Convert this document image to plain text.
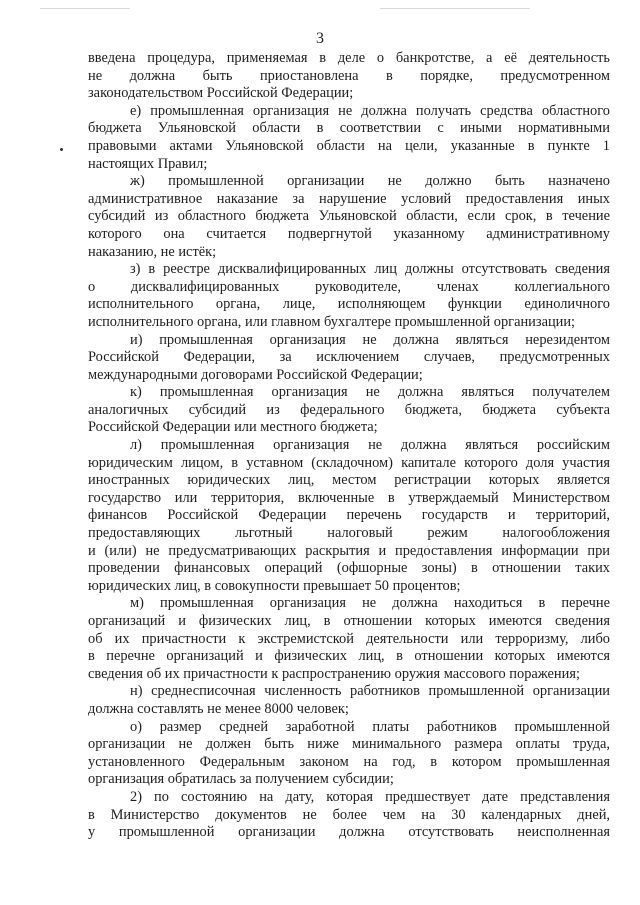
3
введена процедура, применяемая в деле о банкротстве, а её деятельность
не должна быть приостановлена в порядке, предусмотренном
законодательством Российской Федерации;
е) промышленная организация не должна получать средства областного
бюджета Ульяновской области в соответствии с иными нормативными
правовыми актами Ульяновской области на цели, указанные в пункте 1
настоящих Правил;
ж) промышленной организации не должно быть назначено
административное наказание за нарушение условий предоставления иных
субсидий из областного бюджета Ульяновской области, если срок, в течение
которого она считается подвергнутой указанному административному
наказанию, не истёк;
з) в реестре дисквалифицированных лиц должны отсутствовать сведения
о дисквалифицированных руководителе, членах коллегиального
исполнительного органа, лице, исполняющем функции единоличного
исполнительного органа, или главном бухгалтере промышленной организации;
и) промышленная организация не должна являться нерезидентом
Российской Федерации, за исключением случаев, предусмотренных
международными договорами Российской Федерации;
к) промышленная организация не должна являться получателем
аналогичных субсидий из федерального бюджета, бюджета субъекта
Российской Федерации или местного бюджета;
л) промышленная организация не должна являться российским
юридическим лицом, в уставном (складочном) капитале которого доля участия
иностранных юридических лиц, местом регистрации которых является
государство или территория, включенные в утверждаемый Министерством
финансов Российской Федерации перечень государств и территорий,
предоставляющих льготный налоговый режим налогообложения
и (или) не предусматривающих раскрытия и предоставления информации при
проведении финансовых операций (офшорные зоны) в отношении таких
юридических лиц, в совокупности превышает 50 процентов;
м) промышленная организация не должна находиться в перечне
организаций и физических лиц, в отношении которых имеются сведения
об их причастности к экстремистской деятельности или терроризму, либо
в перечне организаций и физических лиц, в отношении которых имеются
сведения об их причастности к распространению оружия массового поражения;
н) среднесписочная численность работников промышленной организации
должна составлять не менее 8000 человек;
о) размер средней заработной платы работников промышленной
организации не должен быть ниже минимального размера оплаты труда,
установленного Федеральным законом на год, в котором промышленная
организация обратилась за получением субсидии;
2) по состоянию на дату, которая предшествует дате представления
в Министерство документов не более чем на 30 календарных дней,
у промышленной организации должна отсутствовать неисполненная
